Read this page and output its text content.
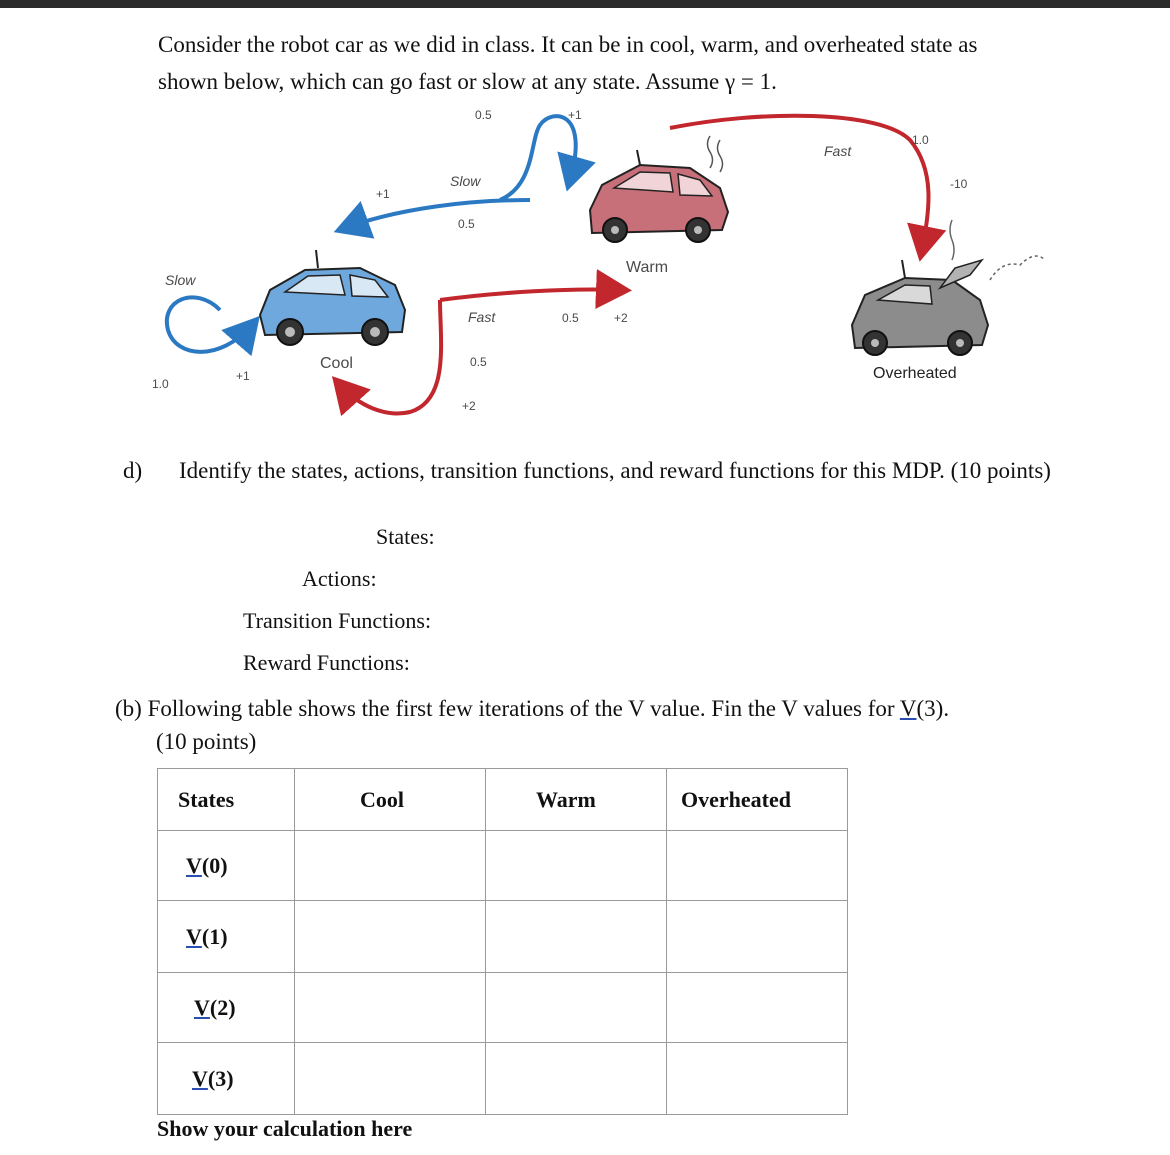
Consider the robot car as we did in class. It can be in cool, warm, and overheated state as
shown below, which can go fast or slow at any state. Assume γ = 1.
Cool
Warm
Overheated
Slow
1.0
+1
+1
Slow
0.5
0.5	+1
Fast	0.5	+2
0.5
+2
Fast
1.0
-10
d) Identify the states, actions, transition functions, and reward functions for this MDP. (10 points)
States:
Actions:
Transition Functions:
Reward Functions:
(b) Following table shows the first few iterations of the V value. Fin the V values for V(3).
(10 points)
States	Cool	Warm	Overheated
V(0)			
V(1)			
V(2)			
V(3)			
Show your calculation here
